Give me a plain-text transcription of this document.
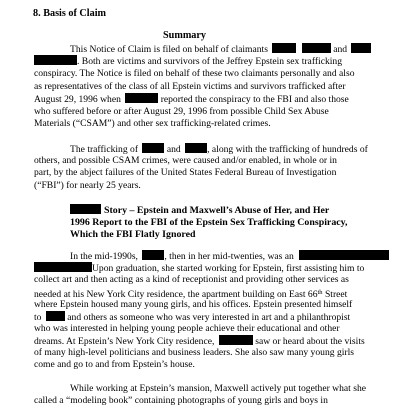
8. Basis of Claim
Summary
This Notice of Claim is filed on behalf of claimants	and
. Both are victims and survivors of the Jeffrey Epstein sex trafficking
conspiracy. The Notice is filed on behalf of these two claimants personally and also
as representatives of the class of all Epstein victims and survivors trafficked after
August 29, 1996 when	reported the conspiracy to the FBI and also those
who suffered before or after August 29, 1996 from possible Child Sex Abuse
Materials (“CSAM”) and other sex trafficking-related crimes.
The trafficking of	and	, along with the trafficking of hundreds of
others, and possible CSAM crimes, were caused and/or enabled, in whole or in
part, by the abject failures of the United States Federal Bureau of Investigation
(“FBI”) for nearly 25 years.
Story – Epstein and Maxwell’s Abuse of Her, and Her
1996 Report to the FBI of the Epstein Sex Trafficking Conspiracy,
Which the FBI Flatly Ignored
In the mid-1990s,	, then in her mid-twenties, was an
Upon graduation, she started working for Epstein, first assisting him to
collect art and then acting as a kind of receptionist and providing other services as
needed at his New York City residence, the apartment building on East 66th Street
where Epstein housed many young girls, and his offices. Epstein presented himself
to	and others as someone who was very interested in art and a philanthropist
who was interested in helping young people achieve their educational and other
dreams. At Epstein’s New York City residence,	saw or heard about the visits
of many high-level politicians and business leaders. She also saw many young girls
come and go to and from Epstein’s house.
While working at Epstein’s mansion, Maxwell actively put together what she
called a “modeling book” containing photographs of young girls and boys in
